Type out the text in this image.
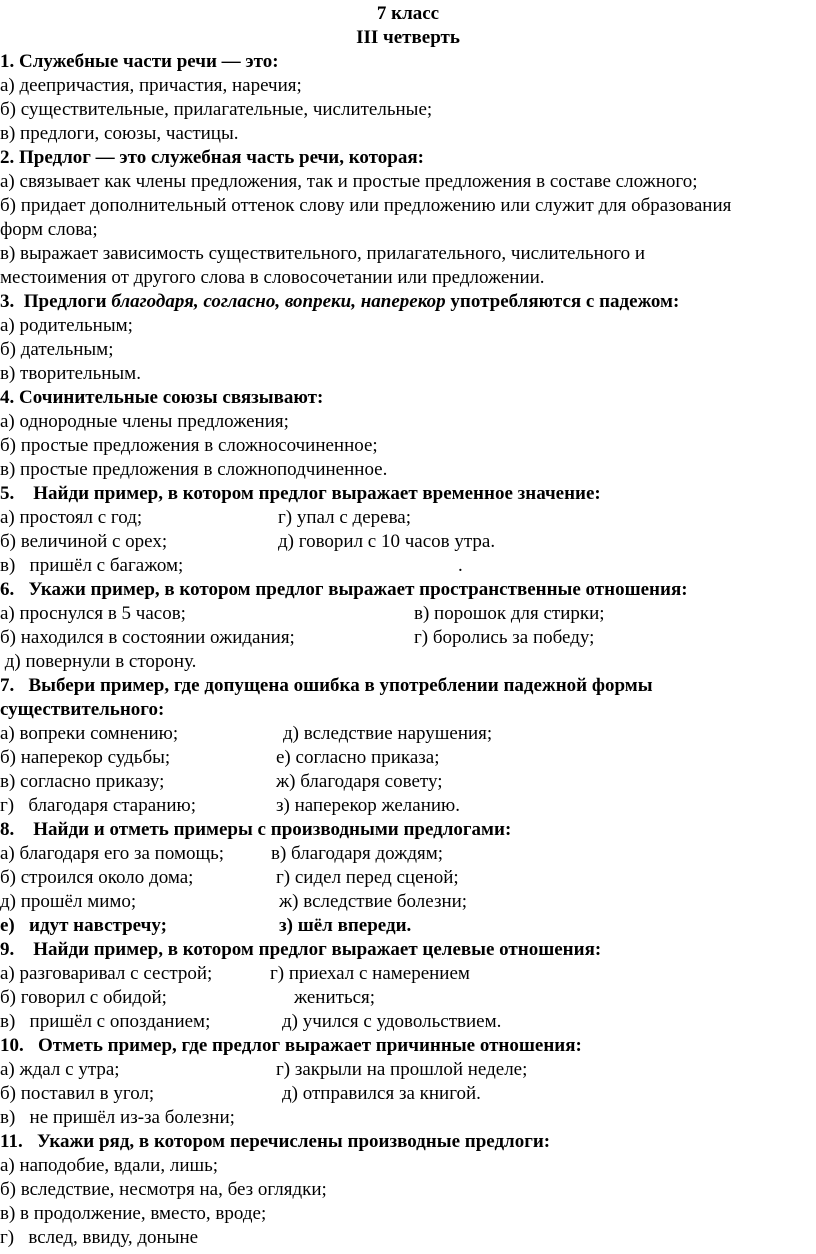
7 класс
III четверть
1. Служебные части речи — это:
а) деепричастия, причастия, наречия;
б) существительные, прилагательные, числительные;
в) предлоги, союзы, частицы.
2. Предлог — это служебная часть речи, которая:
а) связывает как члены предложения, так и простые предложения в составе сложного;
б) придает дополнительный оттенок слову или предложению или служит для образования
форм слова;
в) выражает зависимость существительного, прилагательного, числительного и
местоимения от другого слова в словосочетании или предложении.
3.  Предлоги благодаря, согласно, вопреки, наперекор употребляются с падежом:
а) родительным;
б) дательным;
в) творительным.
4. Сочинительные союзы связывают:
а) однородные члены предложения;
б) простые предложения в сложносочиненное;
в) простые предложения в сложноподчиненное.
5.    Найди пример, в котором предлог выражает временное значение:
а) простоял с год;	г) упал с дерева;
б) величиной с орех;	д) говорил с 10 часов утра.
в)   пришёл с багажом;	.
6.   Укажи пример, в котором предлог выражает пространственные отношения:
а) проснулся в 5 часов;	в) порошок для стирки;
б) находился в состоянии ожидания;	г) боролись за победу;
д) повернули в сторону.
7.   Выбери пример, где допущена ошибка в употреблении падежной формы
существительного:
а) вопреки сомнению;	д) вследствие нарушения;
б) наперекор судьбы;	е) согласно приказа;
в) согласно приказу;	ж) благодаря совету;
г)   благодаря старанию;	з) наперекор желанию.
8.    Найди и отметь примеры с производными предлогами:
а) благодаря его за помощь; в) благодаря дождям;
б) строился около дома;	г) сидел перед сценой;
д) прошёл мимо;	ж) вследствие болезни;
е)   идут навстречу;	з) шёл впереди.
9.    Найди пример, в котором предлог выражает целевые отношения:
а) разговаривал с сестрой;	г) приехал с намерением
б) говорил с обидой;	жениться;
в)   пришёл с опозданием;	д) учился с удовольствием.
10.   Отметь пример, где предлог выражает причинные отношения:
а) ждал с утра;	г) закрыли на прошлой неделе;
б) поставил в угол;	д) отправился за книгой.
в)   не пришёл из-за болезни;
11.   Укажи ряд, в котором перечислены производные предлоги:
а) наподобие, вдали, лишь;
б) вследствие, несмотря на, без оглядки;
в) в продолжение, вместо, вроде;
г)   вслед, ввиду, доныне
